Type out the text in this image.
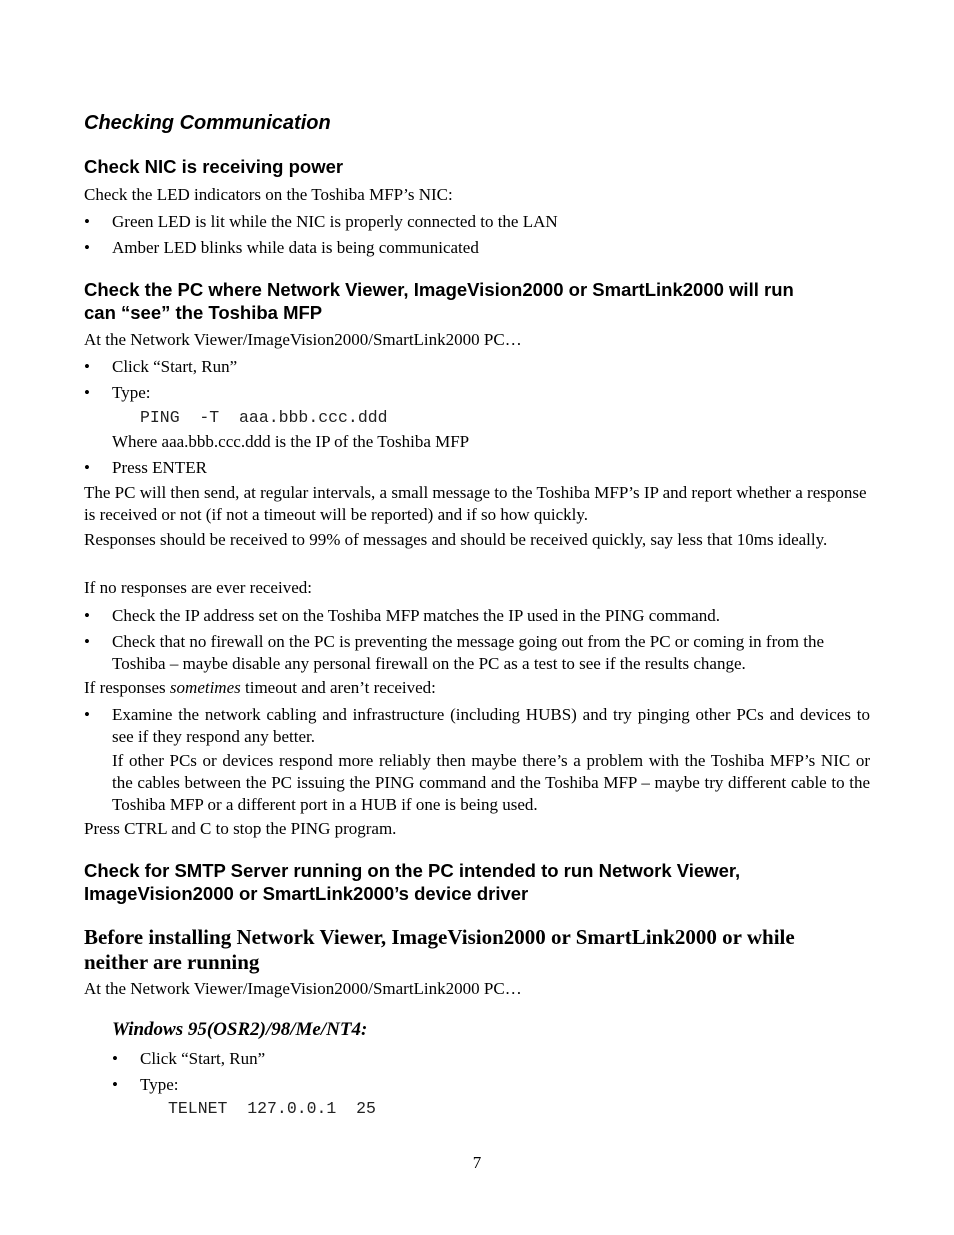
Checking Communication
Check NIC is receiving power
Check the LED indicators on the Toshiba MFP’s NIC:
• Green LED is lit while the NIC is properly connected to the LAN
• Amber LED blinks while data is being communicated
Check the PC where Network Viewer, ImageVision2000 or SmartLink2000 will run
can “see” the Toshiba MFP
At the Network Viewer/ImageVision2000/SmartLink2000 PC…
• Click “Start, Run”
• Type:
PING  -T  aaa.bbb.ccc.ddd
Where aaa.bbb.ccc.ddd is the IP of the Toshiba MFP
• Press ENTER
The PC will then send, at regular intervals, a small message to the Toshiba MFP’s IP and report whether a response is received or not (if not a timeout will be reported) and if so how quickly.
Responses should be received to 99% of messages and should be received quickly, say less that 10ms ideally.
If no responses are ever received:
• Check the IP address set on the Toshiba MFP matches the IP used in the PING command.
• Check that no firewall on the PC is preventing the message going out from the PC or coming in from the Toshiba – maybe disable any personal firewall on the PC as a test to see if the results change.
If responses sometimes timeout and aren’t received:
• Examine the network cabling and infrastructure (including HUBS) and try pinging other PCs and devices to see if they respond any better.
If other PCs or devices respond more reliably then maybe there’s a problem with the Toshiba MFP’s NIC or the cables between the PC issuing the PING command and the Toshiba MFP – maybe try different cable to the Toshiba MFP or a different port in a HUB if one is being used.
Press CTRL and C to stop the PING program.
Check for SMTP Server running on the PC intended to run Network Viewer,
ImageVision2000 or SmartLink2000’s device driver
Before installing Network Viewer, ImageVision2000 or SmartLink2000 or while
neither are running
At the Network Viewer/ImageVision2000/SmartLink2000 PC…
Windows 95(OSR2)/98/Me/NT4:
• Click “Start, Run”
• Type:
TELNET  127.0.0.1  25
7
